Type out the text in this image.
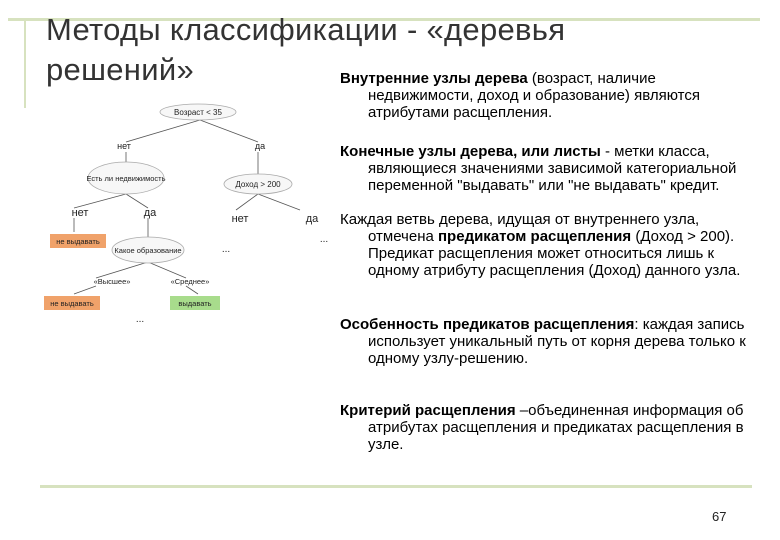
Методы классификации - «деревья решений»
Возраст < 35
Есть ли недвижимость
Доход > 200
Какое образование
нет	да
нет	да	нет	да
не выдавать
«Высшее»	«Среднее»
не выдавать	выдавать
...
...
...
Внутренние узлы дерева (возраст, наличие недвижимости, доход и образование) являются атрибутами расщепления.
Конечные узлы дерева, или листы - метки класса, являющиеся значениями зависимой категориальной переменной "выдавать" или "не выдавать" кредит.
Каждая ветвь дерева, идущая от внутреннего узла, отмечена предикатом расщепления (Доход > 200). Предикат расщепления может относиться лишь к одному атрибуту расщепления (Доход) данного узла.
Особенность предикатов расщепления: каждая запись использует уникальный путь от корня дерева только к одному узлу-решению.
Критерий расщепления –объединенная информация об атрибутах расщепления и предикатах расщепления в узле.
67
